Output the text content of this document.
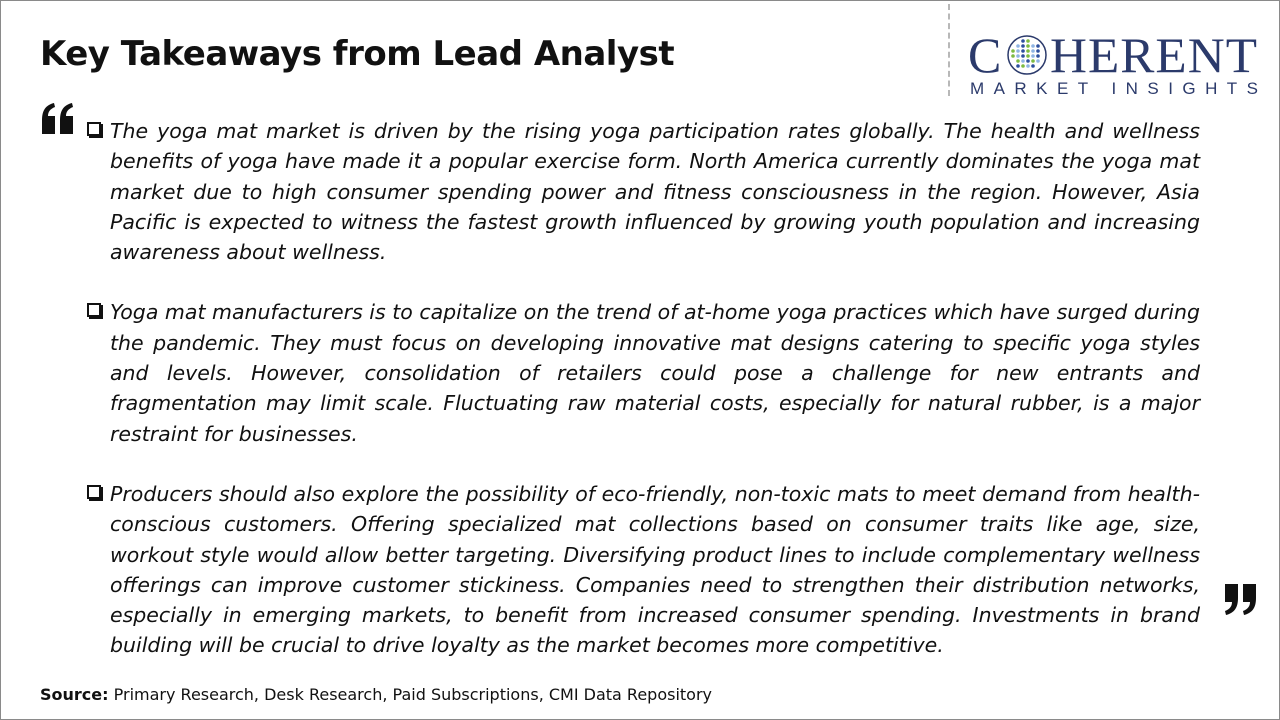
Key Takeaways from Lead Analyst	C HERENT
MARKET INSIGHTS
The yoga mat market is driven by the rising yoga participation rates globally. The health and wellness benefits of yoga have made it a popular exercise form. North America currently dominates the yoga mat market due to high consumer spending power and fitness consciousness in the region. However, Asia Pacific is expected to witness the fastest growth influenced by growing youth population and increasing awareness about wellness.
Yoga mat manufacturers is to capitalize on the trend of at-home yoga practices which have surged during the pandemic. They must focus on developing innovative mat designs catering to specific yoga styles and levels. However, consolidation of retailers could pose a challenge for new entrants and fragmentation may limit scale. Fluctuating raw material costs, especially for natural rubber, is a major restraint for businesses.
Producers should also explore the possibility of eco-friendly, non-toxic mats to meet demand from health-conscious customers. Offering specialized mat collections based on consumer traits like age, size, workout style would allow better targeting. Diversifying product lines to include complementary wellness offerings can improve customer stickiness. Companies need to strengthen their distribution networks, especially in emerging markets, to benefit from increased consumer spending. Investments in brand building will be crucial to drive loyalty as the market becomes more competitive.
Source: Primary Research, Desk Research, Paid Subscriptions, CMI Data Repository
